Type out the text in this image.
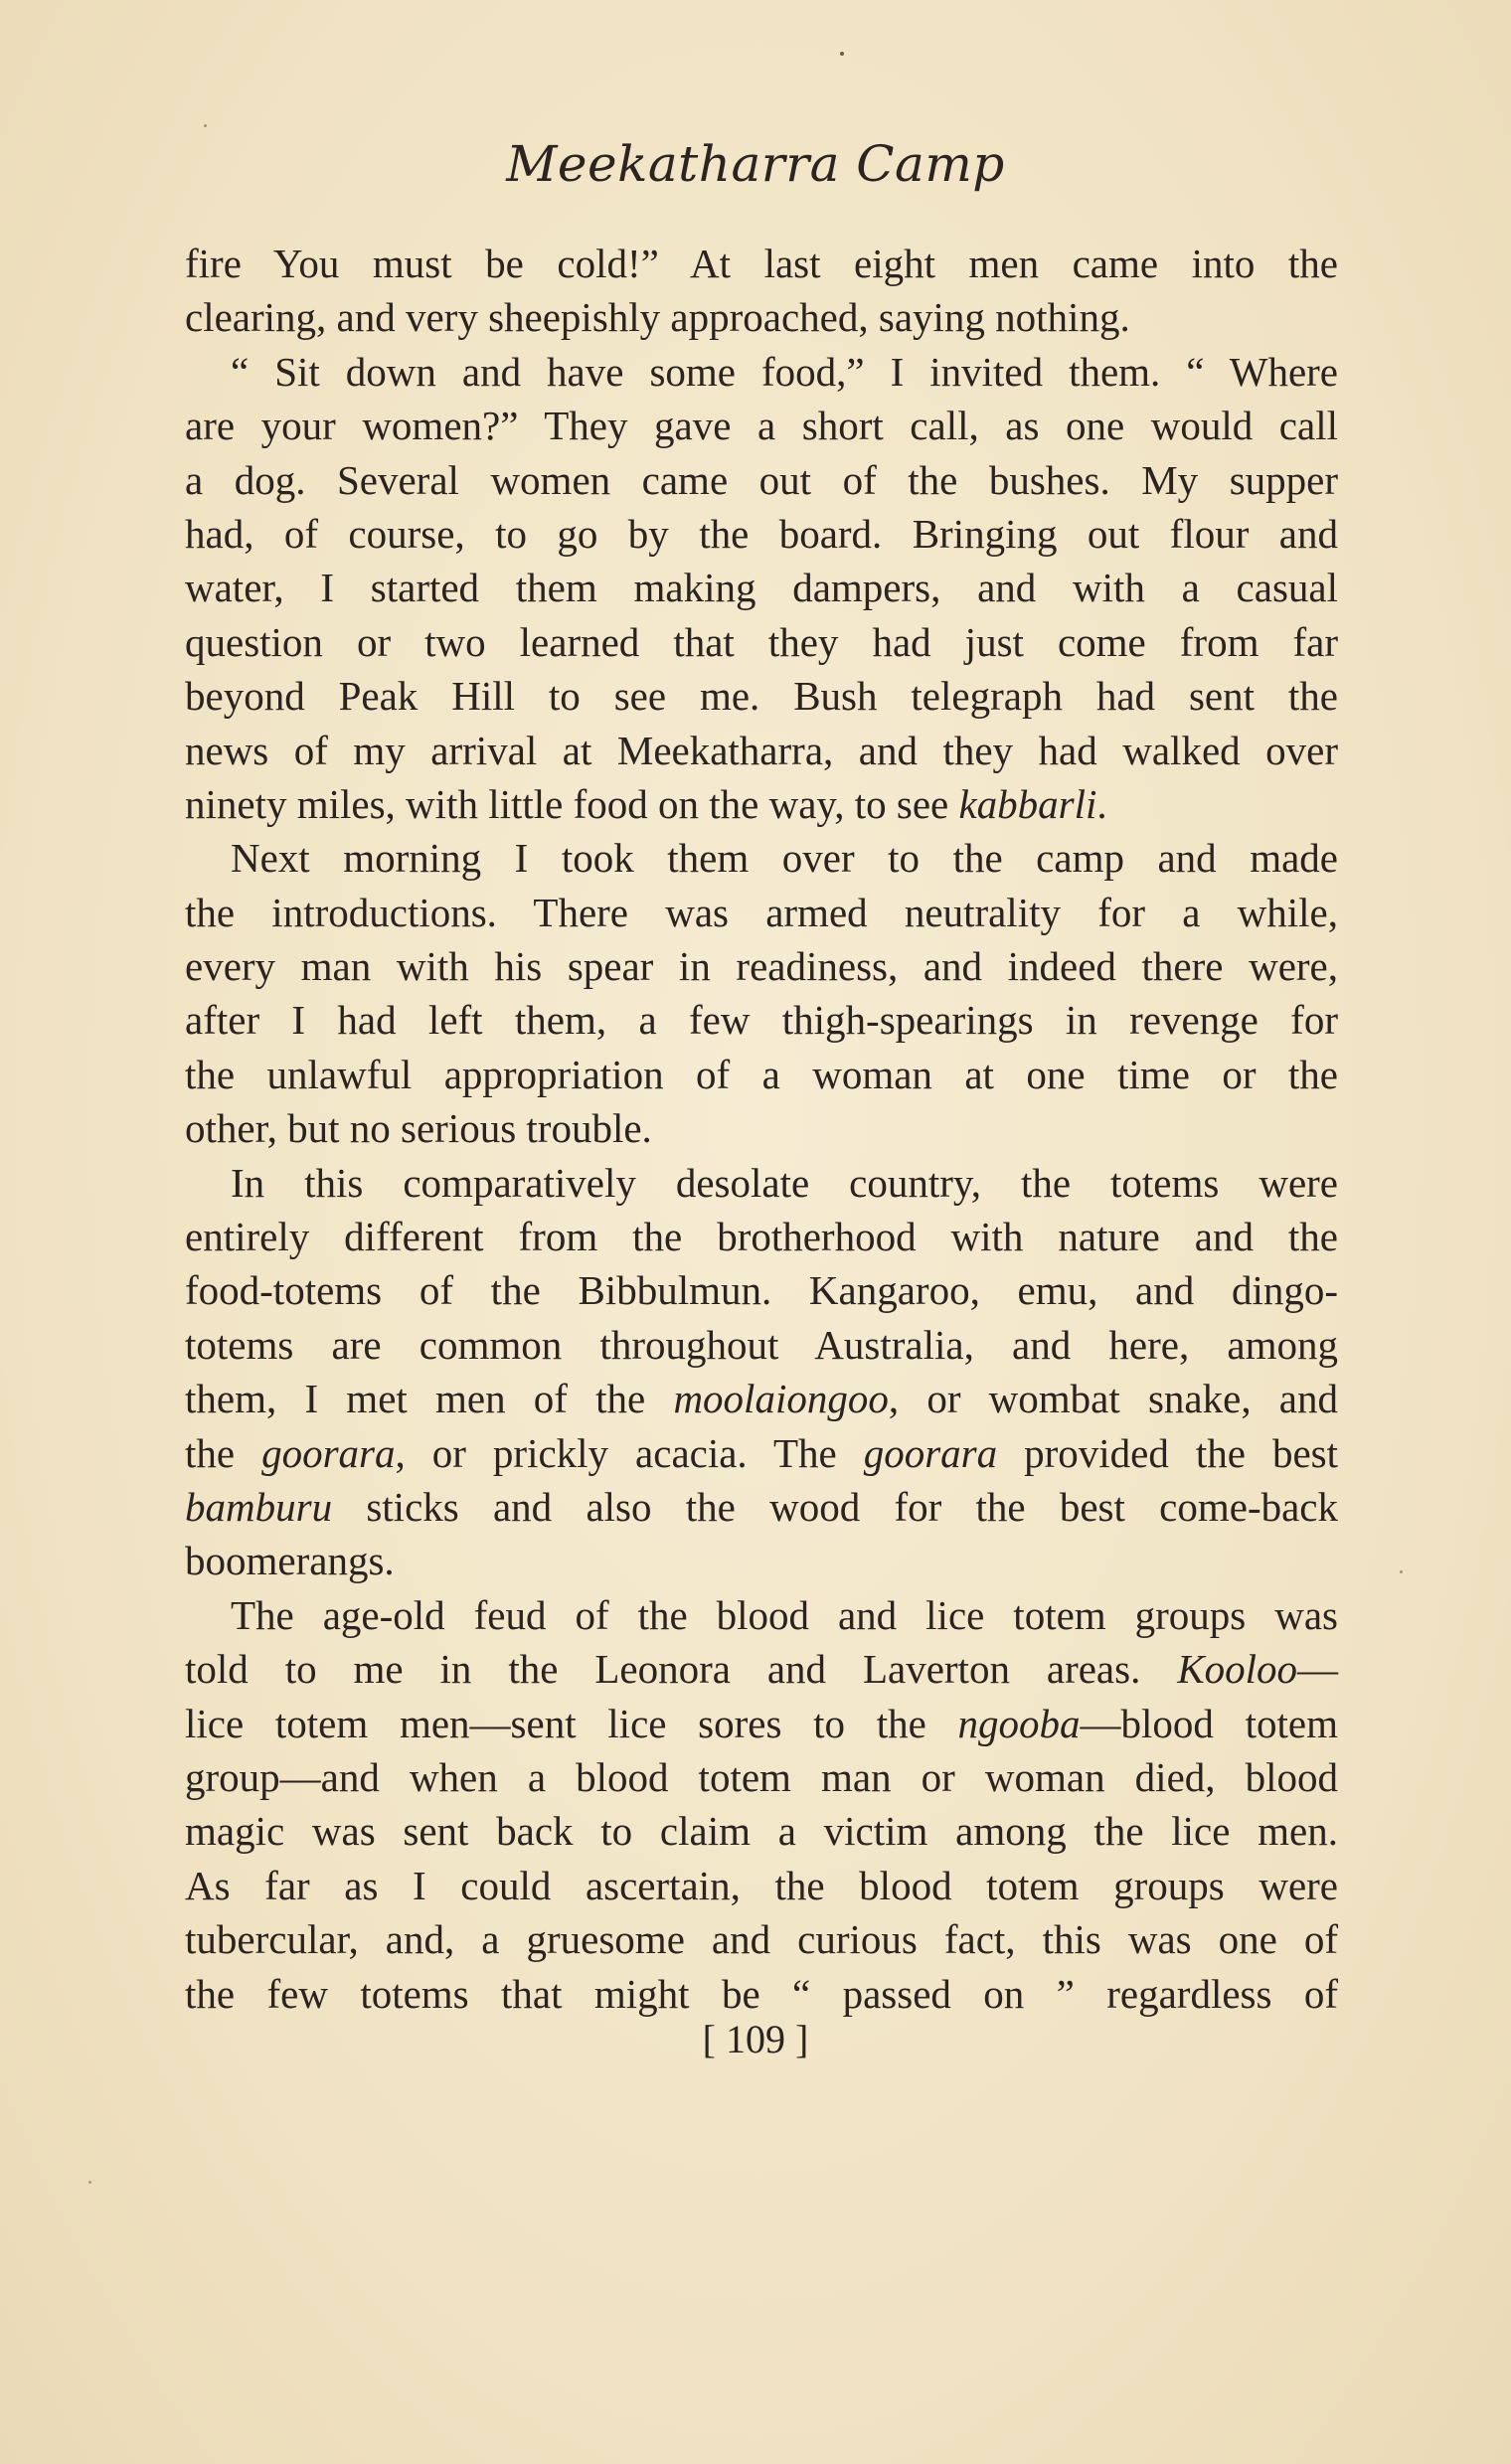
Meekatharra Camp
fire You must be cold!” At last eight men came into the
clearing, and very sheepishly approached, saying nothing.
“ Sit down and have some food,” I invited them. “ Where
are your women?” They gave a short call, as one would call
a dog. Several women came out of the bushes. My supper
had, of course, to go by the board. Bringing out flour and
water, I started them making dampers, and with a casual
question or two learned that they had just come from far
beyond Peak Hill to see me. Bush telegraph had sent the
news of my arrival at Meekatharra, and they had walked over
ninety miles, with little food on the way, to see kabbarli.
Next morning I took them over to the camp and made
the introductions. There was armed neutrality for a while,
every man with his spear in readiness, and indeed there were,
after I had left them, a few thigh-spearings in revenge for
the unlawful appropriation of a woman at one time or the
other, but no serious trouble.
In this comparatively desolate country, the totems were
entirely different from the brotherhood with nature and the
food-totems of the Bibbulmun. Kangaroo, emu, and dingo-
totems are common throughout Australia, and here, among
them, I met men of the moolaiongoo, or wombat snake, and
the goorara, or prickly acacia. The goorara provided the best
bamburu sticks and also the wood for the best come-back
boomerangs.
The age-old feud of the blood and lice totem groups was
told to me in the Leonora and Laverton areas. Kooloo—
lice totem men—sent lice sores to the ngooba—blood totem
group—and when a blood totem man or woman died, blood
magic was sent back to claim a victim among the lice men.
As far as I could ascertain, the blood totem groups were
tubercular, and, a gruesome and curious fact, this was one of
the few totems that might be “ passed on ” regardless of
[ 109 ]
